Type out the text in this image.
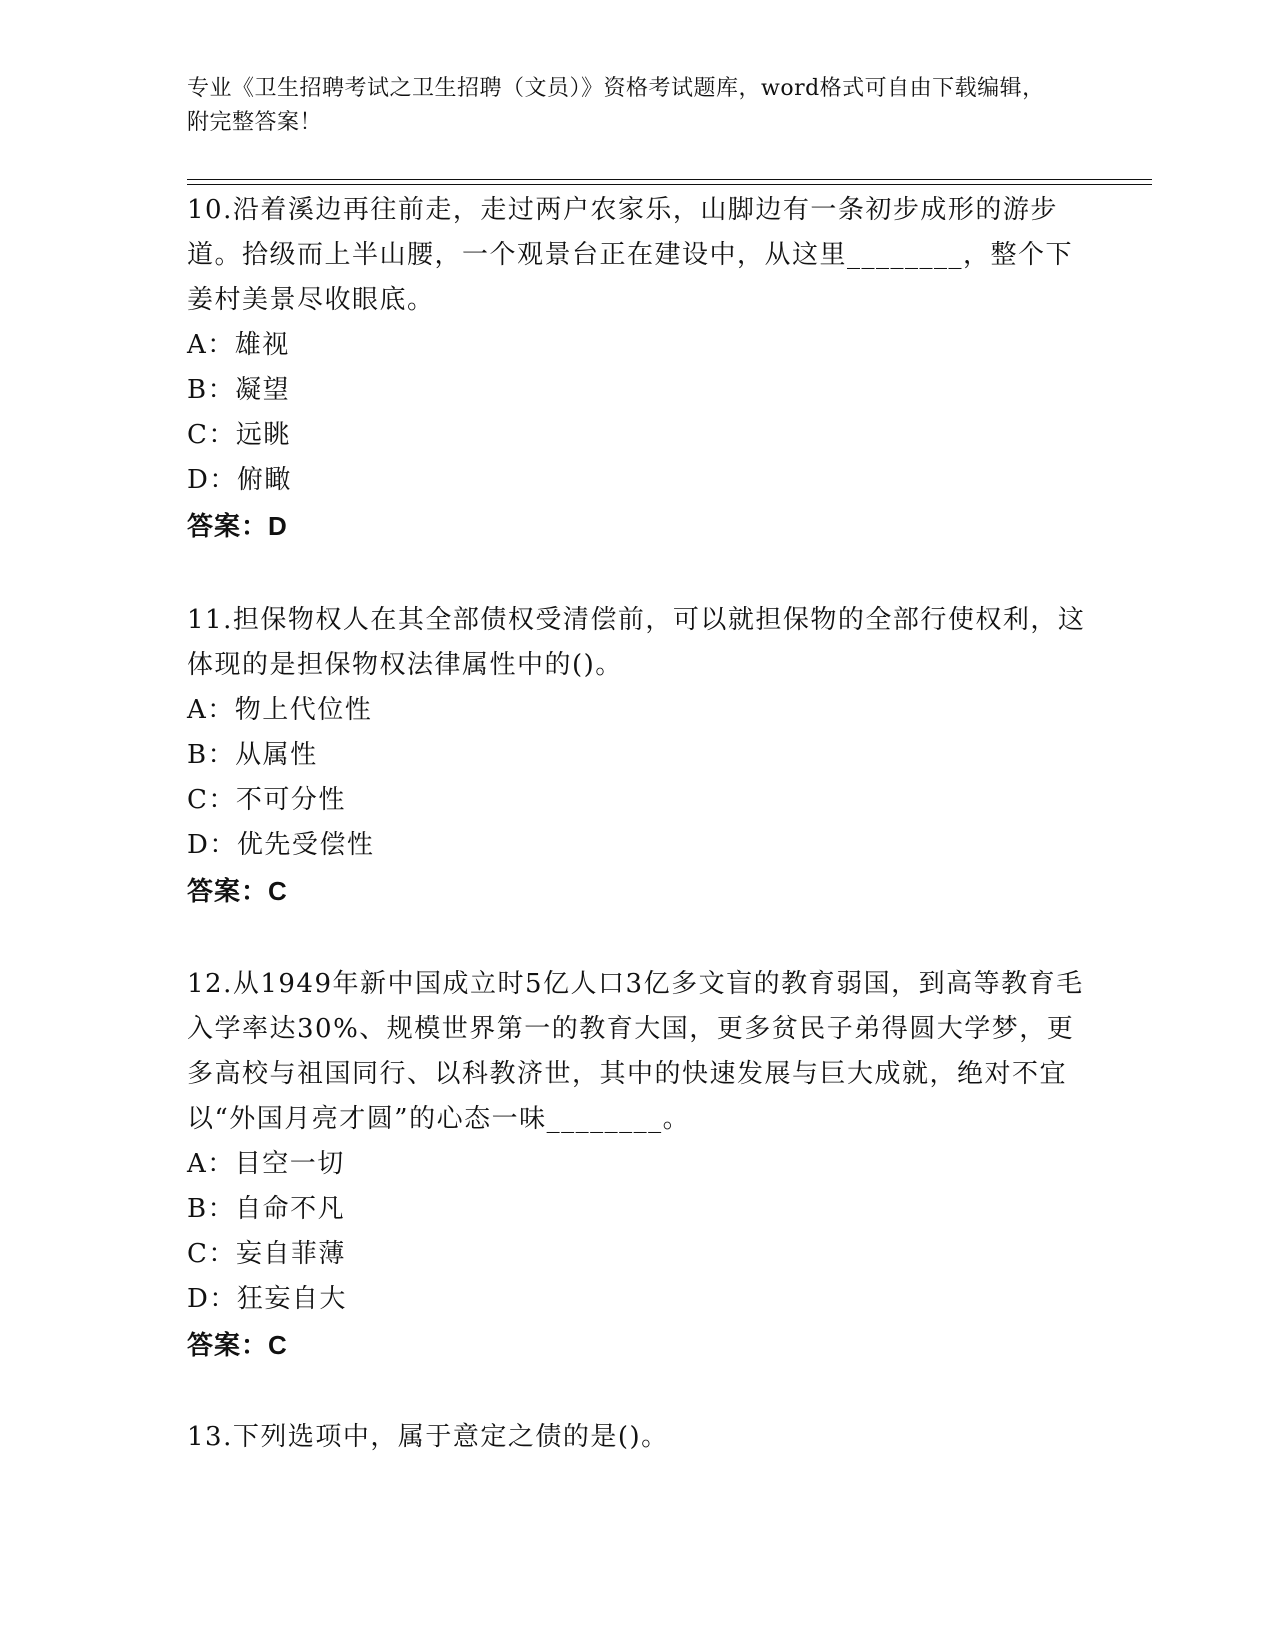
专业《卫生招聘考试之卫生招聘（文员）》资格考试题库，word格式可自由下载编辑，附完整答案！
10.沿着溪边再往前走，走过两户农家乐，山脚边有一条初步成形的游步道。拾级而上半山腰，一个观景台正在建设中，从这里________，整个下姜村美景尽收眼底。
A：雄视
B：凝望
C：远眺
D：俯瞰
答案：D
11.担保物权人在其全部债权受清偿前，可以就担保物的全部行使权利，这体现的是担保物权法律属性中的()。
A：物上代位性
B：从属性
C：不可分性
D：优先受偿性
答案：C
12.从1949年新中国成立时5亿人口3亿多文盲的教育弱国，到高等教育毛入学率达30%、规模世界第一的教育大国，更多贫民子弟得圆大学梦，更多高校与祖国同行、以科教济世，其中的快速发展与巨大成就，绝对不宜以“外国月亮才圆”的心态一味________。
A：目空一切
B：自命不凡
C：妄自菲薄
D：狂妄自大
答案：C
13.下列选项中，属于意定之债的是()。
